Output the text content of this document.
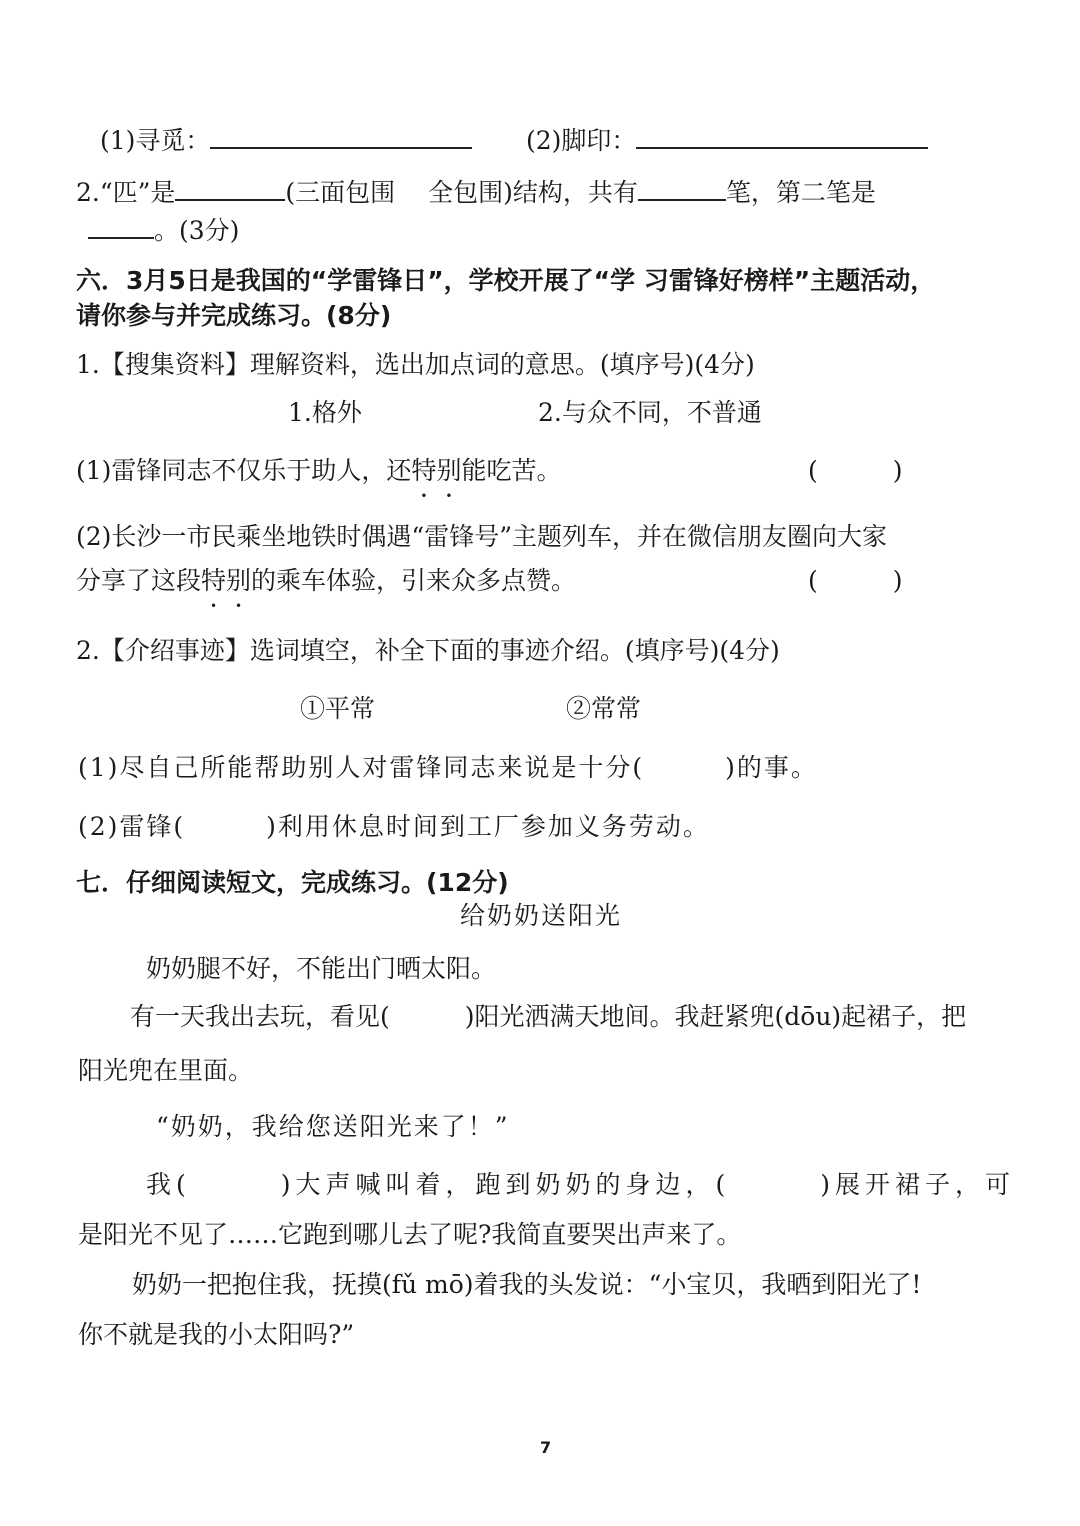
(1)寻觅：	(2)脚印：
2.“匹”是	(三面包围　 全包围)结构，共有	笔，第二笔是
。(3分)
六．3月5日是我国的“学雷锋日”，学校开展了“学 习雷锋好榜样”主题活动，
请你参与并完成练习。(8分)
1.【搜集资料】理解资料，选出加点词的意思。(填序号)(4分)
1.格外	2.与众不同，不普通
(1)雷锋同志不仅乐于助人，还特别能吃苦。	(　　　)
(2)长沙一市民乘坐地铁时偶遇“雷锋号”主题列车，并在微信朋友圈向大家
分享了这段特别的乘车体验，引来众多点赞。	(　　　)
2.【介绍事迹】选词填空，补全下面的事迹介绍。(填序号)(4分)
①平常	②常常
(1)尽自己所能帮助别人对雷锋同志来说是十分(　　　)的事。
(2)雷锋(　　　)利用休息时间到工厂参加义务劳动。
七．仔细阅读短文，完成练习。(12分)
给奶奶送阳光
奶奶腿不好，不能出门晒太阳。
有一天我出去玩，看见(　　　)阳光洒满天地间。我赶紧兜(dōu)起裙子，把
阳光兜在里面。
“奶奶，我给您送阳光来了！”
我(　　　)大声喊叫着，跑到奶奶的身边，(　　　)展开裙子，可
是阳光不见了……它跑到哪儿去了呢?我简直要哭出声来了。
奶奶一把抱住我，抚摸(fǔ mō)着我的头发说：“小宝贝，我晒到阳光了!
你不就是我的小太阳吗?”
7
